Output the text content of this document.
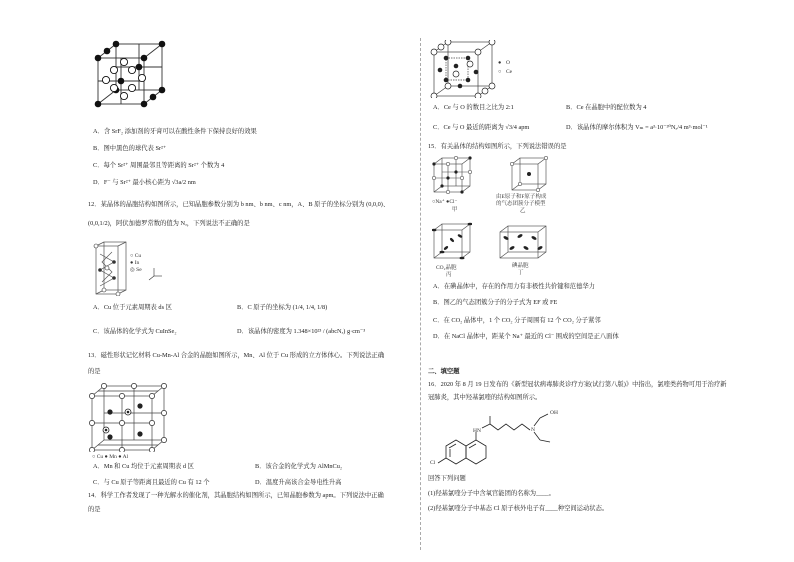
A．含 SrF₂ 添加剂的牙膏可以在酸性条件下保持良好的效果
B．图中黑色的球代表 Sr²⁺
C．每个 Sr²⁺ 周围最邻且等距离的 Sr²⁺ 个数为 4
D．F⁻ 与 Sr²⁺ 最小核心距为 √3a/2 nm
12．某晶体的晶胞结构如图所示，已知晶胞参数分别为 b nm、b nm、c nm，A、B 原子的坐标分别为 (0,0,0)、
(0,0,1/2)，阿伏加德罗常数的值为 Nₐ，下列说法不正确的是
○ Cu
● In
◎ Se
A．Cu 位于元素周期表 ds 区	B．C 原子的坐标为 (1/4, 1/4, 1/8)
C．该晶体的化学式为 CuInSe₂	D．该晶体的密度为 1.348×10²³ / (abcNₐ) g·cm⁻³
13．磁性形状记忆材料 Cu-Mn-Al 合金的晶胞如图所示，Mn、Al 位于 Cu 形成的立方体体心。下列说法正确
的是
○ Cu ● Mn ● Al
A．Mn 和 Cu 均位于元素周期表 d 区	B．该合金的化学式为 AlMnCu₂
C．与 Cu 原子等距离且最近的 Cu 有 12 个	D．温度升高该合金导电性升高
14．科学工作者发现了一种光解水的催化剂，其晶胞结构如图所示，已知晶胞参数为 apm。下列说法中正确
的是
● O
○ Ce
A．Ce 与 O 的数目之比为 2:1	B．Ce 在晶胞中的配位数为 4
C．Ce 与 O 最近的距离为 √3/4 apm	D．该晶体的摩尔体积为 Vₘ = a³·10⁻³⁰Nₐ/4 m³·mol⁻¹
15．有关晶体的结构如图所示，下列说法错误的是
○Na⁺ ●Cl⁻
甲
由E原子和F原子构成
的气态团簇分子模型
乙
CO₂晶胞
丙
碘晶胞
丁
A．在碘晶体中，存在的作用力有非极性共价键和范德华力
B．图乙的气态团簇分子的分子式为 EF 或 FE
C．在 CO₂ 晶体中，1 个 CO₂ 分子周围有 12 个 CO₂ 分子紧邻
D．在 NaCl 晶体中，距某个 Na⁺ 最近的 Cl⁻ 围成的空间是正八面体
二、填空题
16．2020 年 8 月 19 日发布的《新型冠状病毒肺炎诊疗方案(试行第八版)》中指出，氯喹类药物可用于治疗新
冠肺炎，其中羟基氯喹的结构如图所示。
HN	N
OH
Cl
回答下列问题
(1)羟基氯喹分子中含氧官能团的名称为____。
(2)羟基氯喹分子中基态 Cl 原子核外电子有____种空间运动状态。
